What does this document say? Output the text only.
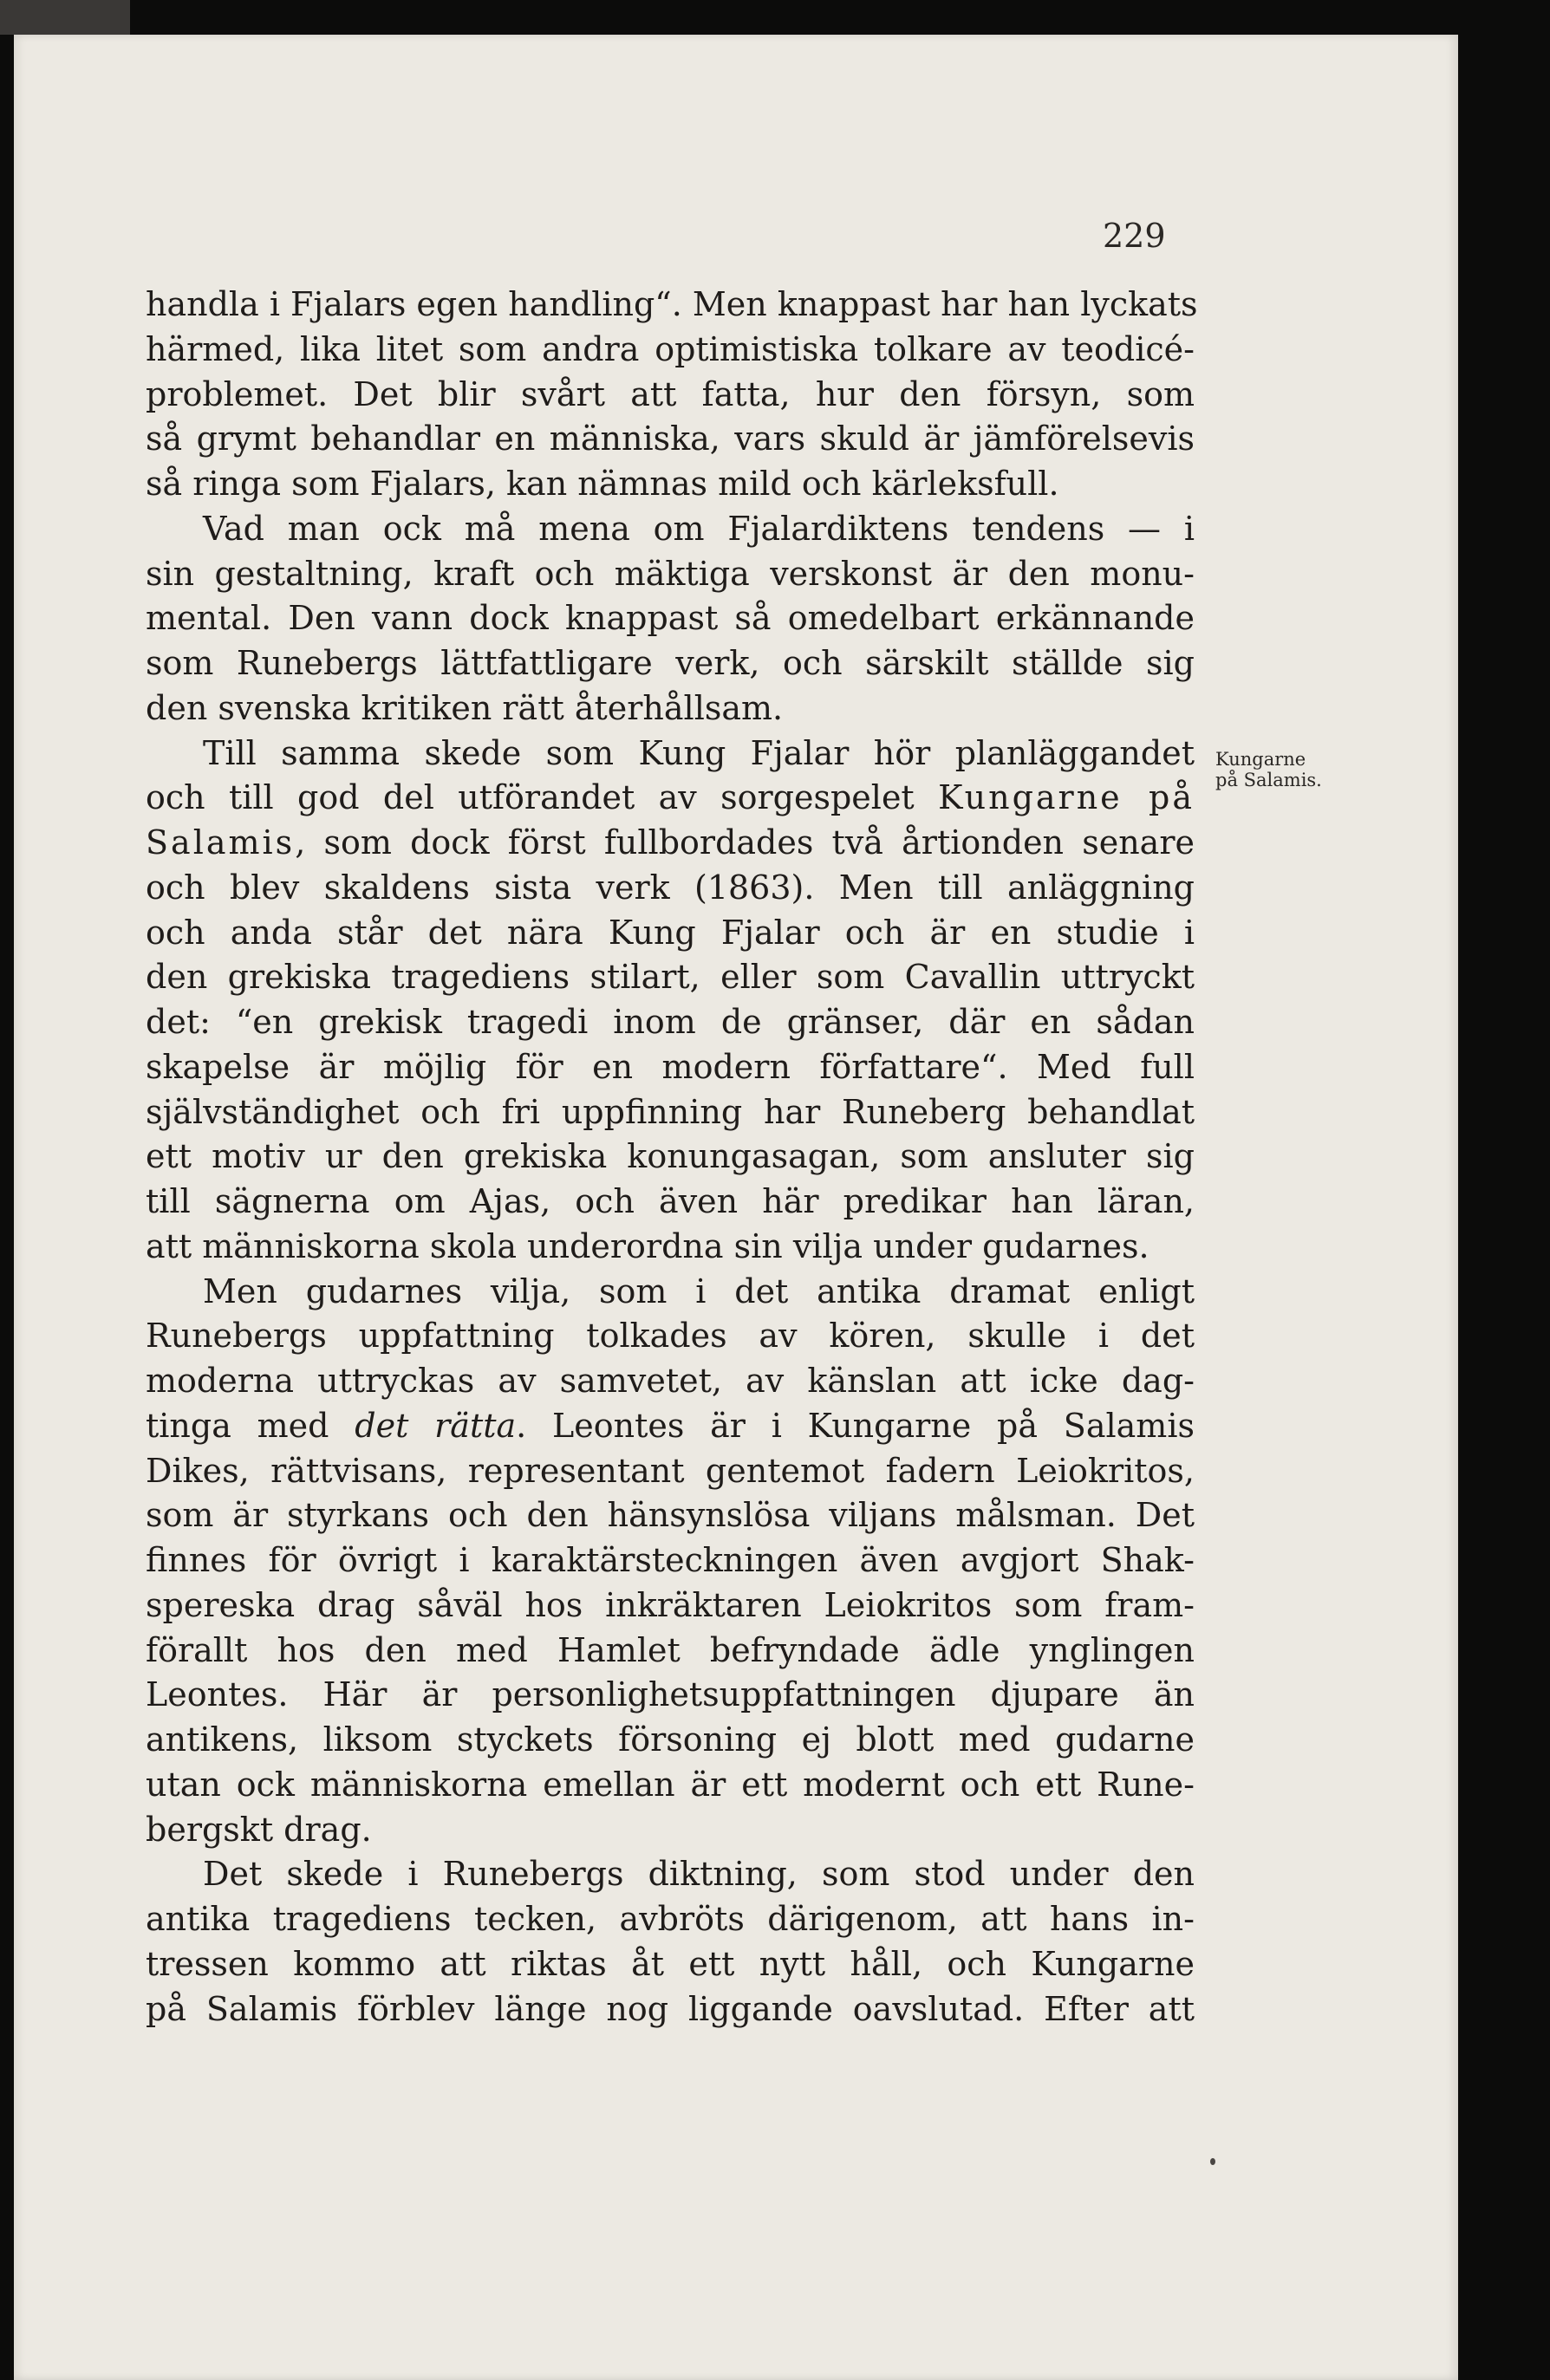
229
Kungarne
på Salamis.
handla i Fjalars egen handling“. Men knappast har han lyckats
härmed, lika litet som andra optimistiska tolkare av teodicé-
problemet. Det blir svårt att fatta, hur den försyn, som
så grymt behandlar en människa, vars skuld är jämförelsevis
så ringa som Fjalars, kan nämnas mild och kärleksfull.
Vad man ock må mena om Fjalardiktens tendens — i
sin gestaltning, kraft och mäktiga verskonst är den monu-
mental. Den vann dock knappast så omedelbart erkännande
som Runebergs lättfattligare verk, och särskilt ställde sig
den svenska kritiken rätt återhållsam.
Till samma skede som Kung Fjalar hör planläggandet
och till god del utförandet av sorgespelet Kungarne på
Salamis, som dock först fullbordades två årtionden senare
och blev skaldens sista verk (1863). Men till anläggning
och anda står det nära Kung Fjalar och är en studie i
den grekiska tragediens stilart, eller som Cavallin uttryckt
det: “en grekisk tragedi inom de gränser, där en sådan
skapelse är möjlig för en modern författare“. Med full
självständighet och fri uppfinning har Runeberg behandlat
ett motiv ur den grekiska konungasagan, som ansluter sig
till sägnerna om Ajas, och även här predikar han läran,
att människorna skola underordna sin vilja under gudarnes.
Men gudarnes vilja, som i det antika dramat enligt
Runebergs uppfattning tolkades av kören, skulle i det
moderna uttryckas av samvetet, av känslan att icke dag-
tinga med det rätta. Leontes är i Kungarne på Salamis
Dikes, rättvisans, representant gentemot fadern Leiokritos,
som är styrkans och den hänsynslösa viljans målsman. Det
finnes för övrigt i karaktärsteckningen även avgjort Shak-
spereska drag såväl hos inkräktaren Leiokritos som fram-
förallt hos den med Hamlet befryndade ädle ynglingen
Leontes. Här är personlighetsuppfattningen djupare än
antikens, liksom styckets försoning ej blott med gudarne
utan ock människorna emellan är ett modernt och ett Rune-
bergskt drag.
Det skede i Runebergs diktning, som stod under den
antika tragediens tecken, avbröts därigenom, att hans in-
tressen kommo att riktas åt ett nytt håll, och Kungarne
på Salamis förblev länge nog liggande oavslutad. Efter att
